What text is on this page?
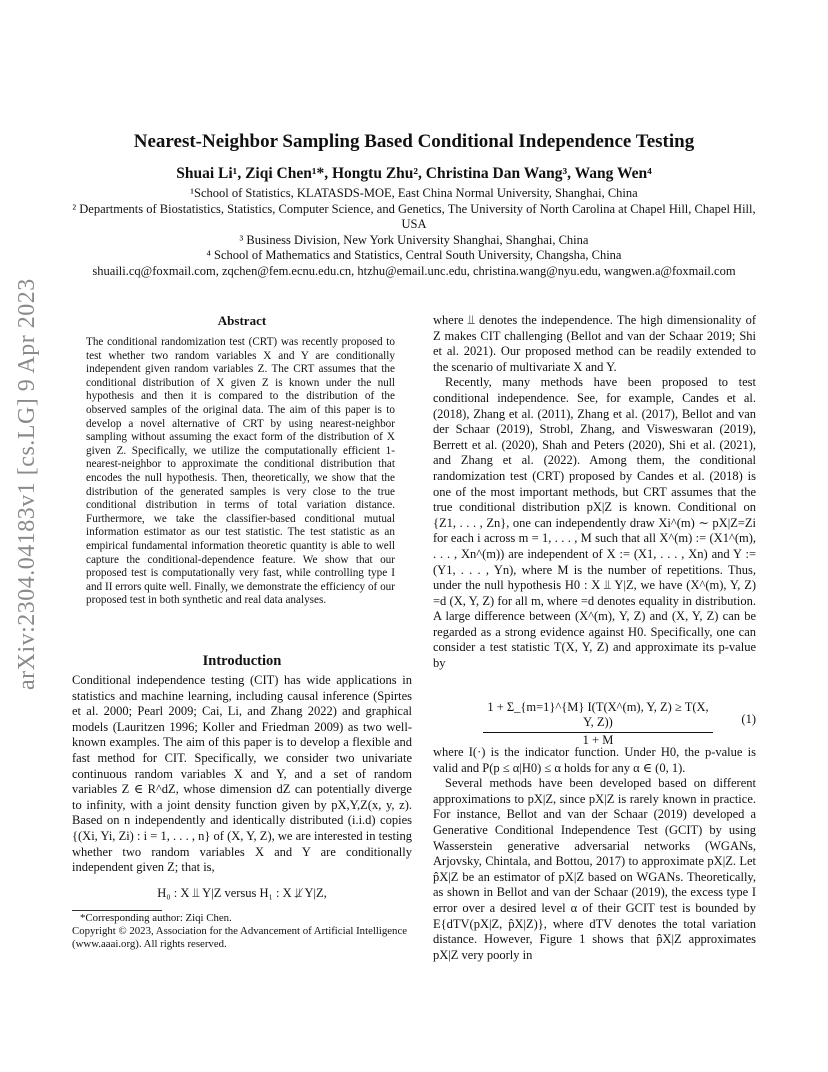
arXiv:2304.04183v1 [cs.LG] 9 Apr 2023
Nearest-Neighbor Sampling Based Conditional Independence Testing
Shuai Li¹, Ziqi Chen¹*, Hongtu Zhu², Christina Dan Wang³, Wang Wen⁴
¹School of Statistics, KLATASDS-MOE, East China Normal University, Shanghai, China
² Departments of Biostatistics, Statistics, Computer Science, and Genetics, The University of North Carolina at Chapel Hill, Chapel Hill, USA
³ Business Division, New York University Shanghai, Shanghai, China
⁴ School of Mathematics and Statistics, Central South University, Changsha, China
shuaili.cq@foxmail.com, zqchen@fem.ecnu.edu.cn, htzhu@email.unc.edu, christina.wang@nyu.edu, wangwen.a@foxmail.com
Abstract
The conditional randomization test (CRT) was recently proposed to test whether two random variables X and Y are conditionally independent given random variables Z. The CRT assumes that the conditional distribution of X given Z is known under the null hypothesis and then it is compared to the distribution of the observed samples of the original data. The aim of this paper is to develop a novel alternative of CRT by using nearest-neighbor sampling without assuming the exact form of the distribution of X given Z. Specifically, we utilize the computationally efficient 1-nearest-neighbor to approximate the conditional distribution that encodes the null hypothesis. Then, theoretically, we show that the distribution of the generated samples is very close to the true conditional distribution in terms of total variation distance. Furthermore, we take the classifier-based conditional mutual information estimator as our test statistic. The test statistic as an empirical fundamental information theoretic quantity is able to well capture the conditional-dependence feature. We show that our proposed test is computationally very fast, while controlling type I and II errors quite well. Finally, we demonstrate the efficiency of our proposed test in both synthetic and real data analyses.
Introduction
Conditional independence testing (CIT) has wide applications in statistics and machine learning, including causal inference (Spirtes et al. 2000; Pearl 2009; Cai, Li, and Zhang 2022) and graphical models (Lauritzen 1996; Koller and Friedman 2009) as two well-known examples. The aim of this paper is to develop a flexible and fast method for CIT. Specifically, we consider two univariate continuous random variables X and Y, and a set of random variables Z ∈ R^dZ, whose dimension dZ can potentially diverge to infinity, with a joint density function given by pX,Y,Z(x, y, z). Based on n independently and identically distributed (i.i.d) copies {(Xi, Yi, Zi) : i = 1, . . . , n} of (X, Y, Z), we are interested in testing whether two random variables X and Y are conditionally independent given Z; that is,
H₀ : X ⫫ Y|Z versus H₁ : X ⫫̸ Y|Z,
*Corresponding author: Ziqi Chen.
Copyright © 2023, Association for the Advancement of Artificial Intelligence (www.aaai.org). All rights reserved.

where ⫫ denotes the independence. The high dimensionality of Z makes CIT challenging (Bellot and van der Schaar 2019; Shi et al. 2021). Our proposed method can be readily extended to the scenario of multivariate X and Y.

Recently, many methods have been proposed to test conditional independence. See, for example, Candes et al. (2018), Zhang et al. (2011), Zhang et al. (2017), Bellot and van der Schaar (2019), Strobl, Zhang, and Visweswaran (2019), Berrett et al. (2020), Shah and Peters (2020), Shi et al. (2021), and Zhang et al. (2022). Among them, the conditional randomization test (CRT) proposed by Candes et al. (2018) is one of the most important methods, but CRT assumes that the true conditional distribution pX|Z is known. Conditional on {Z1, . . . , Zn}, one can independently draw Xi^(m) ∼ pX|Z=Zi for each i across m = 1, . . . , M such that all X^(m) := (X1^(m), . . . , Xn^(m)) are independent of X := (X1, . . . , Xn) and Y := (Y1, . . . , Yn), where M is the number of repetitions. Thus, under the null hypothesis H0 : X ⫫ Y|Z, we have (X^(m), Y, Z) =d (X, Y, Z) for all m, where =d denotes equality in distribution. A large difference between (X^(m), Y, Z) and (X, Y, Z) can be regarded as a strong evidence against H0. Specifically, one can consider a test statistic T(X, Y, Z) and approximate its p-value by

$\frac{1 + \Sigma\_\{m=1\}\^{}\{M\} I(T(X\^{}(m), Y, Z) \ge T(X, Y, Z))}{1 + M} (1)$

where I(·) is the indicator function. Under H0, the p-value is valid and P(p ≤ α|H0) ≤ α holds for any α ∈ (0, 1).

Several methods have been developed based on different approximations to pX|Z, since pX|Z is rarely known in practice. For instance, Bellot and van der Schaar (2019) developed a Generative Conditional Independence Test (GCIT) by using Wasserstein generative adversarial networks (WGANs, Arjovsky, Chintala, and Bottou, 2017) to approximate pX|Z. Let p̂X|Z be an estimator of pX|Z based on WGANs. Theoretically, as shown in Bellot and van der Schaar (2019), the excess type I error over a desired level α of their GCIT test is bounded by E{dTV(pX|Z, p̂X|Z)}, where dTV denotes the total variation distance. However, Figure 1 shows that p̂X|Z approximates pX|Z very poorly in
